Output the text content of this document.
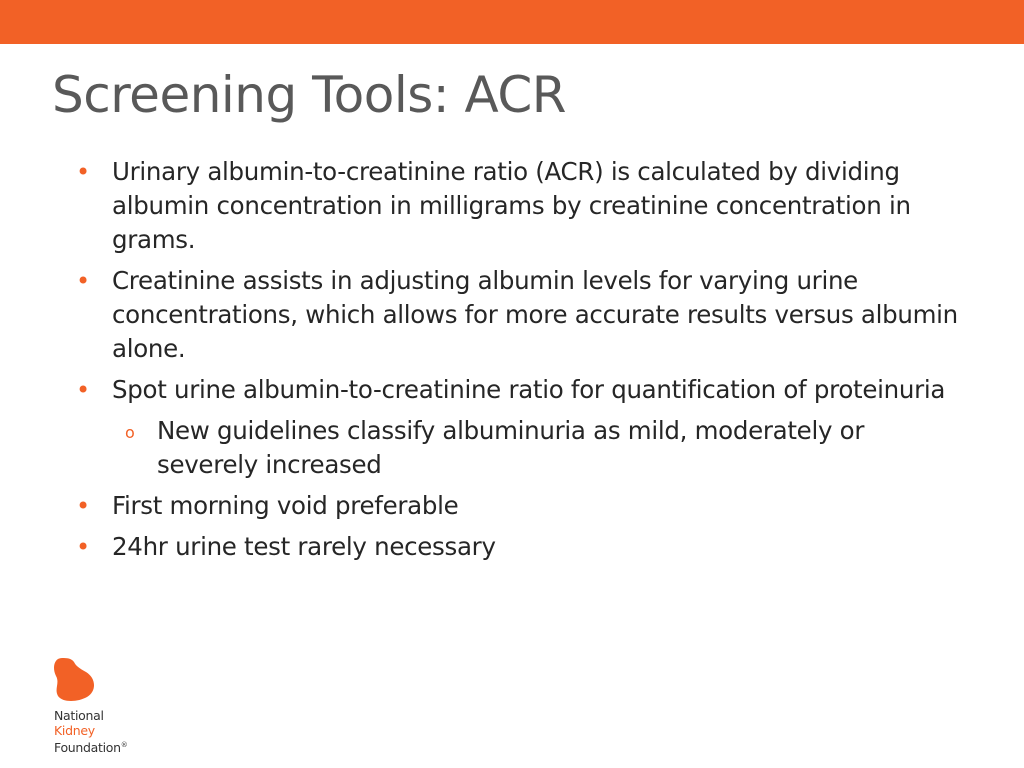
Screening Tools: ACR
• Urinary albumin-to-creatinine ratio (ACR) is calculated by dividing albumin concentration in milligrams by creatinine concentration in grams.
• Creatinine assists in adjusting albumin levels for varying urine concentrations, which allows for more accurate results versus albumin alone.
• Spot urine albumin-to-creatinine ratio for quantification of proteinuria
o New guidelines classify albuminuria as mild, moderately or severely increased
• First morning void preferable
• 24hr urine test rarely necessary
National
Kidney
Foundation®
